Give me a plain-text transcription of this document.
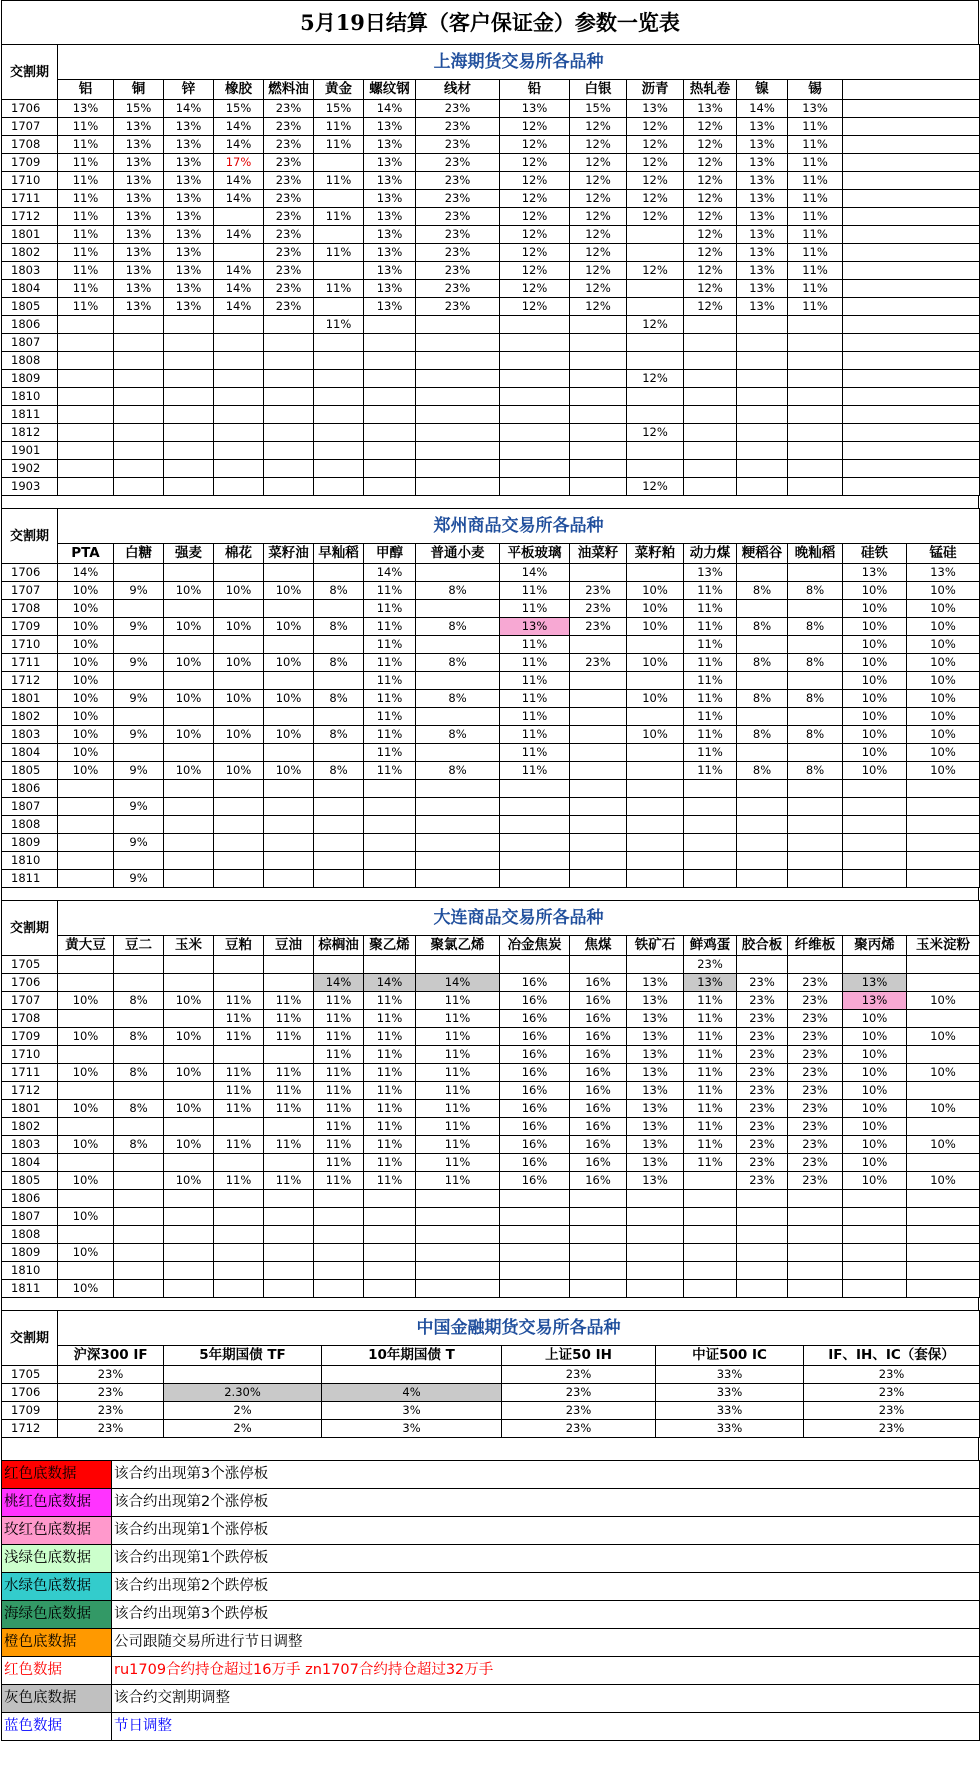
5月19日结算（客户保证金）参数一览表
交割期	上海期货交易所各品种															
	铝	铜	锌	橡胶	燃料油	黄金	螺纹钢	线材	铅	白银	沥青	热轧卷	镍	锡		
1706	13%	15%	14%	15%	23%	15%	14%	23%	13%	15%	13%	13%	14%	13%		
1707	11%	13%	13%	14%	23%	11%	13%	23%	12%	12%	12%	12%	13%	11%		
1708	11%	13%	13%	14%	23%	11%	13%	23%	12%	12%	12%	12%	13%	11%		
1709	11%	13%	13%	17%	23%		13%	23%	12%	12%	12%	12%	13%	11%		
1710	11%	13%	13%	14%	23%	11%	13%	23%	12%	12%	12%	12%	13%	11%		
1711	11%	13%	13%	14%	23%		13%	23%	12%	12%	12%	12%	13%	11%		
1712	11%	13%	13%		23%	11%	13%	23%	12%	12%	12%	12%	13%	11%		
1801	11%	13%	13%	14%	23%		13%	23%	12%	12%		12%	13%	11%		
1802	11%	13%	13%		23%	11%	13%	23%	12%	12%		12%	13%	11%		
1803	11%	13%	13%	14%	23%		13%	23%	12%	12%	12%	12%	13%	11%		
1804	11%	13%	13%	14%	23%	11%	13%	23%	12%	12%		12%	13%	11%		
1805	11%	13%	13%	14%	23%		13%	23%	12%	12%		12%	13%	11%		
1806						11%					12%					
1807																
1808																
1809											12%					
1810																
1811																
1812											12%					
1901																
1902																
1903											12%					
交割期	郑州商品交易所各品种															
	PTA	白糖	强麦	棉花	菜籽油	早籼稻	甲醇	普通小麦	平板玻璃	油菜籽	菜籽粕	动力煤	粳稻谷	晚籼稻	硅铁	锰硅
1706	14%						14%		14%			13%			13%	13%
1707	10%	9%	10%	10%	10%	8%	11%	8%	11%	23%	10%	11%	8%	8%	10%	10%
1708	10%						11%		11%	23%	10%	11%			10%	10%
1709	10%	9%	10%	10%	10%	8%	11%	8%	13%	23%	10%	11%	8%	8%	10%	10%
1710	10%						11%		11%			11%			10%	10%
1711	10%	9%	10%	10%	10%	8%	11%	8%	11%	23%	10%	11%	8%	8%	10%	10%
1712	10%						11%		11%			11%			10%	10%
1801	10%	9%	10%	10%	10%	8%	11%	8%	11%		10%	11%	8%	8%	10%	10%
1802	10%						11%		11%			11%			10%	10%
1803	10%	9%	10%	10%	10%	8%	11%	8%	11%		10%	11%	8%	8%	10%	10%
1804	10%						11%		11%			11%			10%	10%
1805	10%	9%	10%	10%	10%	8%	11%	8%	11%			11%	8%	8%	10%	10%
1806																
1807		9%														
1808																
1809		9%														
1810																
1811		9%														
交割期	大连商品交易所各品种															
	黄大豆	豆二	玉米	豆粕	豆油	棕榈油	聚乙烯	聚氯乙烯	冶金焦炭	焦煤	铁矿石	鲜鸡蛋	胶合板	纤维板	聚丙烯	玉米淀粉
1705												23%				
1706						14%	14%	14%	16%	16%	13%	13%	23%	23%	13%	
1707	10%	8%	10%	11%	11%	11%	11%	11%	16%	16%	13%	11%	23%	23%	13%	10%
1708				11%	11%	11%	11%	11%	16%	16%	13%	11%	23%	23%	10%	
1709	10%	8%	10%	11%	11%	11%	11%	11%	16%	16%	13%	11%	23%	23%	10%	10%
1710						11%	11%	11%	16%	16%	13%	11%	23%	23%	10%	
1711	10%	8%	10%	11%	11%	11%	11%	11%	16%	16%	13%	11%	23%	23%	10%	10%
1712				11%	11%	11%	11%	11%	16%	16%	13%	11%	23%	23%	10%	
1801	10%	8%	10%	11%	11%	11%	11%	11%	16%	16%	13%	11%	23%	23%	10%	10%
1802						11%	11%	11%	16%	16%	13%	11%	23%	23%	10%	
1803	10%	8%	10%	11%	11%	11%	11%	11%	16%	16%	13%	11%	23%	23%	10%	10%
1804						11%	11%	11%	16%	16%	13%	11%	23%	23%	10%	
1805	10%		10%	11%	11%	11%	11%	11%	16%	16%	13%		23%	23%	10%	10%
1806																
1807	10%															
1808																
1809	10%															
1810																
1811	10%															
交割期	中国金融期货交易所各品种					
	沪深300 IF	5年期国债 TF	10年期国债 T	上证50 IH	中证500 IC	IF、IH、IC（套保）
1705	23%			23%	33%	23%
1706	23%	2.30%	4%	23%	33%	23%
1709	23%	2%	3%	23%	33%	23%
1712	23%	2%	3%	23%	33%	23%
红色底数据	该合约出现第3个涨停板
桃红色底数据	该合约出现第2个涨停板
玫红色底数据	该合约出现第1个涨停板
浅绿色底数据	该合约出现第1个跌停板
水绿色底数据	该合约出现第2个跌停板
海绿色底数据	该合约出现第3个跌停板
橙色底数据	公司跟随交易所进行节日调整
红色数据	ru1709合约持仓超过16万手 zn1707合约持仓超过32万手
灰色底数据	该合约交割期调整
蓝色数据	节日调整
